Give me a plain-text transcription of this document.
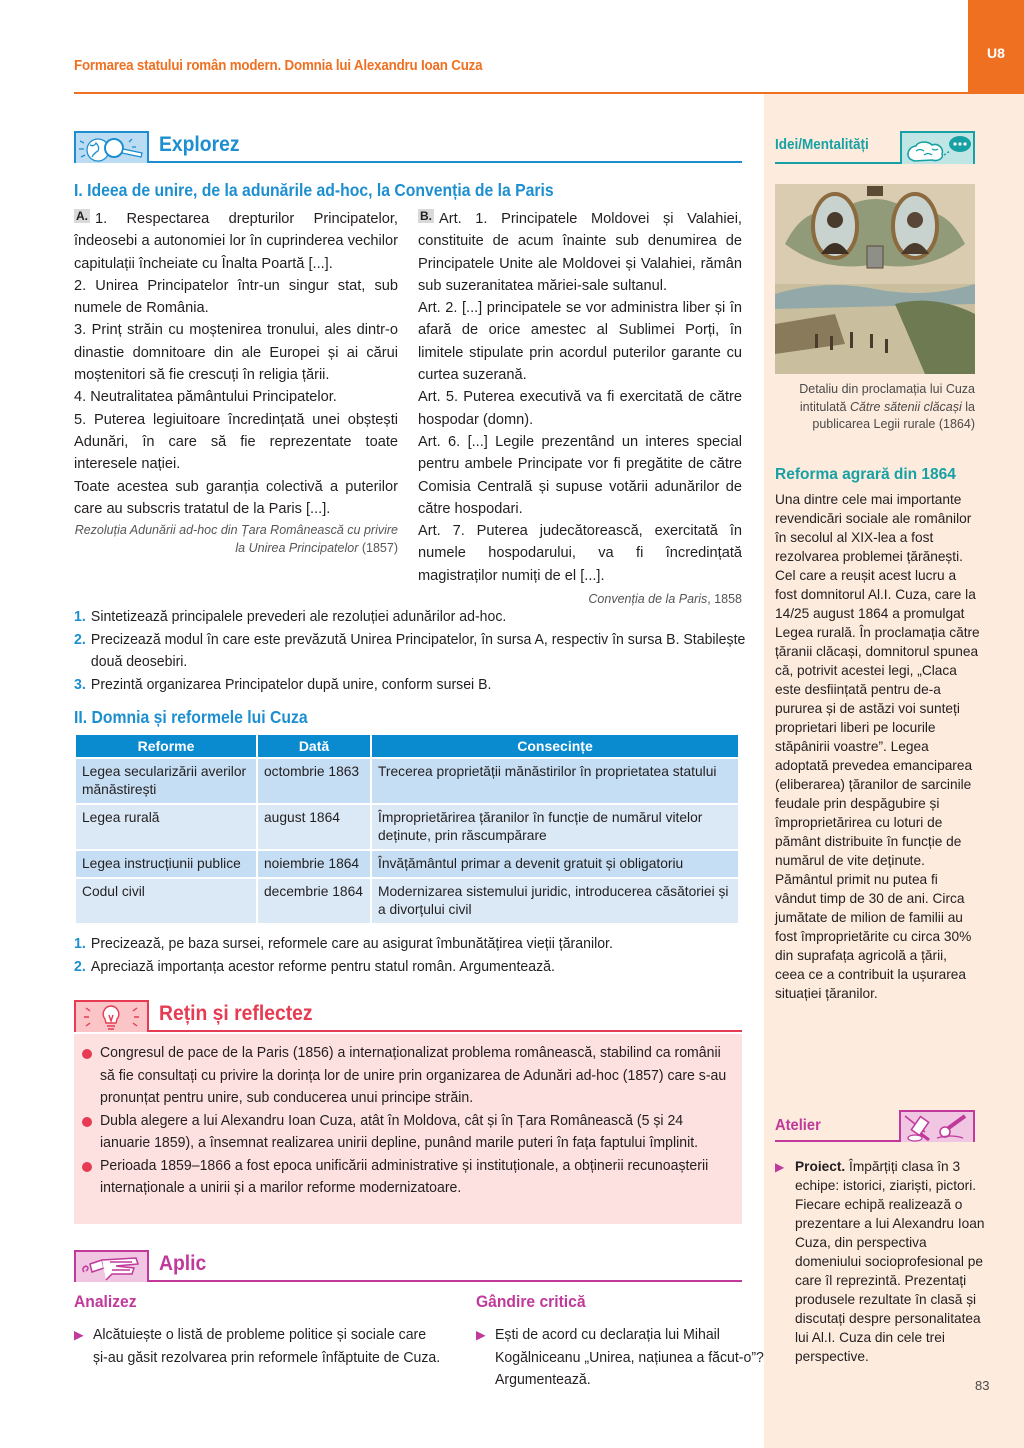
Formarea statului român modern. Domnia lui Alexandru Ioan Cuza
U8
Idei/Mentalități
Detaliu din proclamația lui Cuza intitulată Către sătenii clăcași la publicarea Legii rurale (1864)
Reforma agrară din 1864
Una dintre cele mai importante revendicări sociale ale românilor în secolul al XIX-lea a fost rezolvarea problemei țărănești. Cel care a reușit acest lucru a fost domnitorul Al.I. Cuza, care la 14/25 august 1864 a promulgat Legea rurală. În proclamația către țăranii clăcași, domnitorul spunea că, potrivit acestei legi, „Claca este desființată pentru de-a pururea și de astăzi voi sunteți proprietari liberi pe locurile stăpânirii voastre”. Legea adoptată prevedea emanciparea (eliberarea) țăranilor de sarcinile feudale prin despăgubire și împroprietărirea cu loturi de pământ distribuite în funcție de numărul de vite deținute. Pământul primit nu putea fi vândut timp de 30 de ani. Circa jumătate de milion de familii au fost împroprietărite cu circa 30% din suprafața agricolă a țării, ceea ce a contribuit la ușurarea situației țăranilor.
Atelier
▶ Proiect. Împărțiți clasa în 3 echipe: istorici, ziariști, pictori. Fiecare echipă realizează o prezentare a lui Alexandru Ioan Cuza, din perspectiva domeniului socioprofesional pe care îl reprezintă. Prezentați produsele rezultate în clasă și discutați despre personalitatea lui Al.I. Cuza din cele trei perspective.
83
Explorez
I. Ideea de unire, de la adunările ad-hoc, la Convenția de la Paris

A. 1. Respectarea drepturilor Principatelor, îndeosebi a autonomiei lor în cuprinderea vechilor capitulații încheiate cu Înalta Poartă [...].

2. Unirea Principatelor într-un singur stat, sub numele de România.

3. Prinț străin cu moștenirea tronului, ales dintr-o dinastie domnitoare din ale Europei și ai cărui moștenitori să fie crescuți în religia țării.

4. Neutralitatea pământului Principatelor.

5. Puterea legiuitoare încredințată unei obștești Adunări, în care să fie reprezentate toate interesele nației.

Toate acestea sub garanția colectivă a puterilor care au subscris tratatul de la Paris [...].

Rezoluția Adunării ad-hoc din Țara Românească cu privire la Unirea Principatelor (1857)

B. Art. 1. Principatele Moldovei și Valahiei, constituite de acum înainte sub denumirea de Principatele Unite ale Moldovei și Valahiei, rămân sub suzeranitatea măriei-sale sultanul.

Art. 2. [...] principatele se vor administra liber și în afară de orice amestec al Sublimei Porți, în limitele stipulate prin acordul puterilor garante cu curtea suzerană.

Art. 5. Puterea executivă va fi exercitată de către hospodar (domn).

Art. 6. [...] Legile prezentând un interes special pentru ambele Principate vor fi pregătite de către Comisia Centrală și supuse votării adunărilor de către hospodari.

Art. 7. Puterea judecătorească, exercitată în numele hospodarului, va fi încredințată magistraților numiți de el [...].

Convenția de la Paris, 1858
1. Sintetizează principalele prevederi ale rezoluției adunărilor ad-hoc.
2. Precizează modul în care este prevăzută Unirea Principatelor, în sursa A, respectiv în sursa B. Stabilește două deosebiri.
3. Prezintă organizarea Principatelor după unire, conform sursei B.
II. Domnia și reformele lui Cuza
Reforme	Dată	Consecințe
Legea secularizării averilor mănăstirești	octombrie 1863	Trecerea proprietății mănăstirilor în proprietatea statului
Legea rurală	august 1864	Împroprietărirea țăranilor în funcție de numărul vitelor deținute, prin răscumpărare
Legea instrucțiunii publice	noiembrie 1864	Învățământul primar a devenit gratuit și obligatoriu
Codul civil	decembrie 1864	Modernizarea sistemului juridic, introducerea căsătoriei și a divorțului civil
1. Precizează, pe baza sursei, reformele care au asigurat îmbunătățirea vieții țăranilor.
2. Apreciază importanța acestor reforme pentru statul român. Argumentează.
Rețin și reflectez
Congresul de pace de la Paris (1856) a internaționalizat problema românească, stabilind ca românii să fie consultați cu privire la dorința lor de unire prin organizarea de Adunări ad-hoc (1857) care s-au pronunțat pentru unire, sub conducerea unui principe străin.
Dubla alegere a lui Alexandru Ioan Cuza, atât în Moldova, cât și în Țara Românească (5 și 24 ianuarie 1859), a însemnat realizarea unirii depline, punând marile puteri în fața faptului împlinit.
Perioada 1859–1866 a fost epoca unificării administrative și instituționale, a obținerii recunoașterii internaționale a unirii și a marilor reforme modernizatoare.
Aplic
Analizez
▶ Alcătuiește o listă de probleme politice și sociale care și-au găsit rezolvarea prin reformele înfăptuite de Cuza.
Gândire critică
▶ Ești de acord cu declarația lui Mihail Kogălniceanu „Unirea, națiunea a făcut-o”? Argumentează.
